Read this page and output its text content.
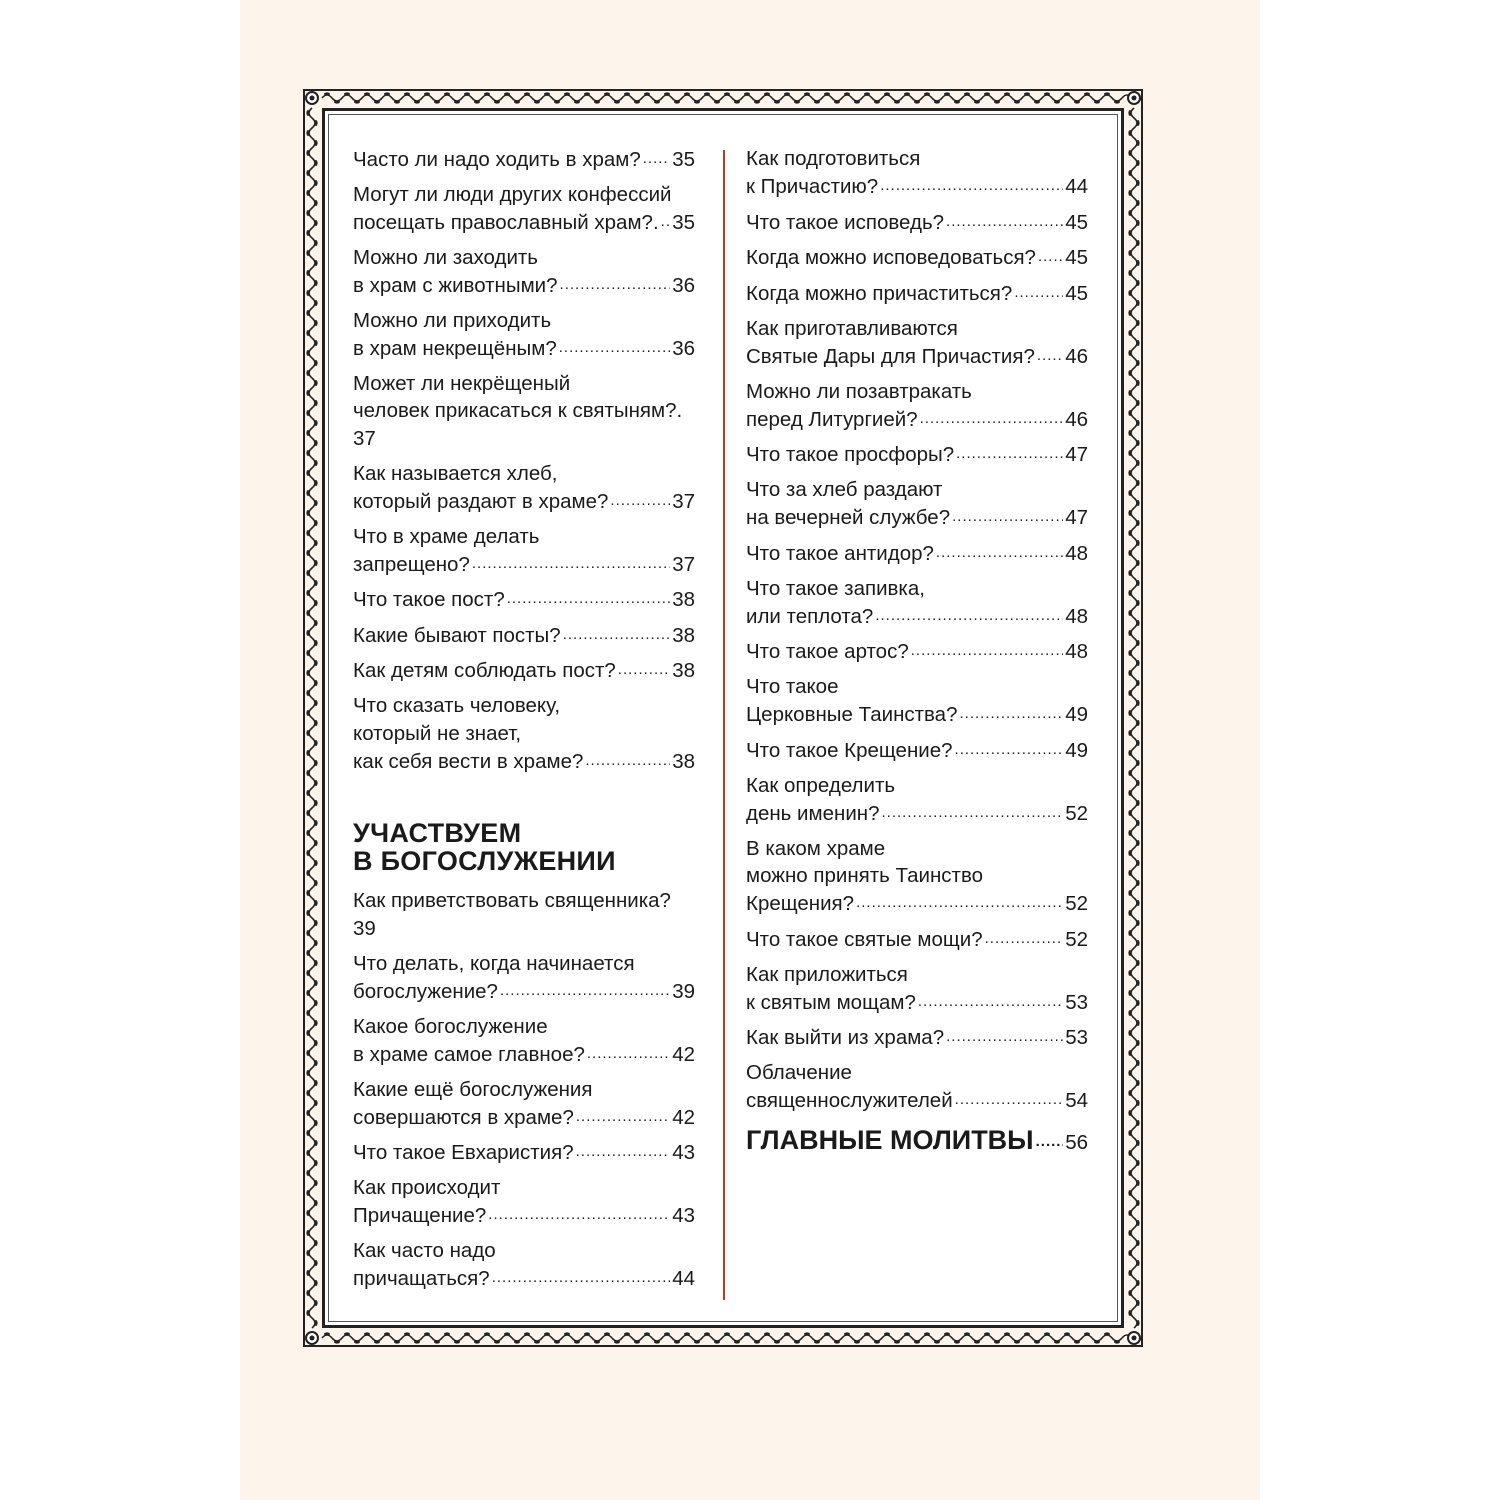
Часто ли надо ходить в храм? ..... 35
Могут ли люди других конфессий
посещать православный храм?. ..... 35
Можно ли заходить
в храм с животными? .....	36
Можно ли приходить
в храм некрещёным? .....	36
Может ли некрёщеный
человек прикасаться к святыням?.
37
Как называется хлеб,
который раздают в храме? .....	37
Что в храме делать
запрещено? .....	37
Что такое пост? .....	38
Какие бывают посты? .....	38
Как детям соблюдать пост? .....	38
Что сказать человеку,
который не знает,
как себя вести в храме? .....	38
УЧАСТВУЕМ
В БОГОСЛУЖЕНИИ
Как приветствовать священника?
39
Что делать, когда начинается
богослужение? .....	39
Какое богослужение
в храме самое главное? .....	42
Какие ещё богослужения
совершаются в храме? .....	42
Что такое Евхаристия? .....	43
Как происходит
Причащение? .....	43
Как часто надо
причащаться? .....	44
Как подготовиться
к Причастию? .....	44
Что такое исповедь? .....	45
Когда можно исповедоваться? ..... 45
Когда можно причаститься? .....	45
Как приготавливаются
Святые Дары для Причастия? ..... 46
Можно ли позавтракать
перед Литургией? .....	46
Что такое просфоры? .....	47
Что за хлеб раздают
на вечерней службе? .....	47
Что такое антидор? .....	48
Что такое запивка,
или теплота? .....	48
Что такое артос? .....	48
Что такое
Церковные Таинства? .....	49
Что такое Крещение? .....	49
Как определить
день именин? .....	52
В каком храме
можно принять Таинство
Крещения? .....	52
Что такое святые мощи? .....	52
Как приложиться
к святым мощам? .....	53
Как выйти из храма? .....	53
Облачение
священнослужителей .....	54
ГЛАВНЫЕ МОЛИТВЫ ..... 56
